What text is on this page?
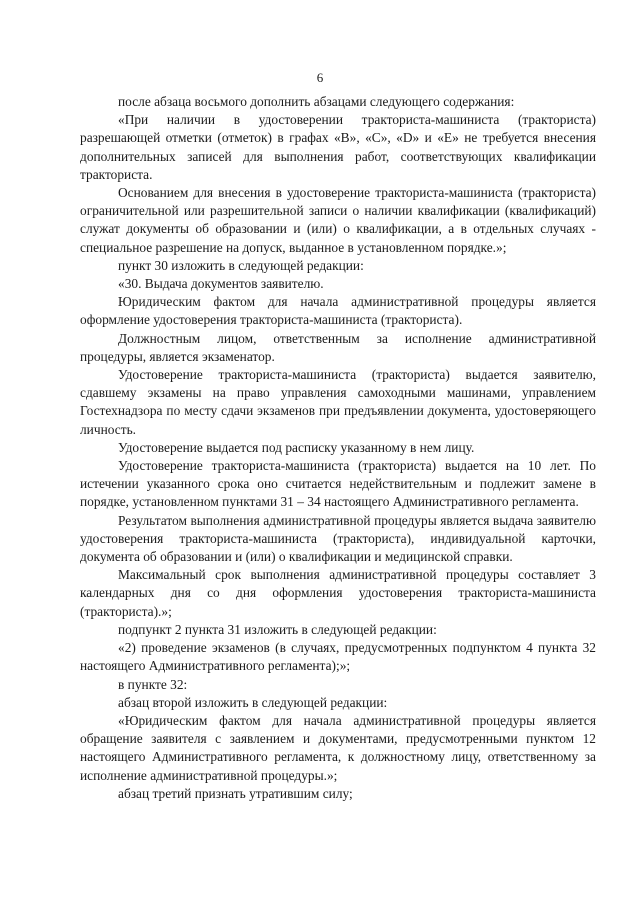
6

после абзаца восьмого дополнить абзацами следующего содержания:

«При наличии в удостоверении тракториста-машиниста (тракториста) разрешающей отметки (отметок) в графах «В», «С», «D» и «Е» не требуется внесения дополнительных записей для выполнения работ, соответствующих квалификации тракториста.

Основанием для внесения в удостоверение тракториста-машиниста (тракториста) ограничительной или разрешительной записи о наличии квалификации (квалификаций) служат документы об образовании и (или) о квалификации, а в отдельных случаях - специальное разрешение на допуск, выданное в установленном порядке.»;

пункт 30 изложить в следующей редакции:

«30. Выдача документов заявителю.

Юридическим фактом для начала административной процедуры является оформление удостоверения тракториста-машиниста (тракториста).

Должностным лицом, ответственным за исполнение административной процедуры, является экзаменатор.

Удостоверение тракториста-машиниста (тракториста) выдается заявителю, сдавшему экзамены на право управления самоходными машинами, управлением Гостехнадзора по месту сдачи экзаменов при предъявлении документа, удостоверяющего личность.

Удостоверение выдается под расписку указанному в нем лицу.

Удостоверение тракториста-машиниста (тракториста) выдается на 10 лет. По истечении указанного срока оно считается недействительным и подлежит замене в порядке, установленном пунктами 31 – 34 настоящего Административного регламента.

Результатом выполнения административной процедуры является выдача заявителю удостоверения тракториста-машиниста (тракториста), индивидуальной карточки, документа об образовании и (или) о квалификации и медицинской справки.

Максимальный срок выполнения административной процедуры составляет 3 календарных дня со дня оформления удостоверения тракториста-машиниста (тракториста).»;

подпункт 2 пункта 31 изложить в следующей редакции:

«2) проведение экзаменов (в случаях, предусмотренных подпунктом 4 пункта 32 настоящего Административного регламента);»;

в пункте 32:

абзац второй изложить в следующей редакции:

«Юридическим фактом для начала административной процедуры является обращение заявителя с заявлением и документами, предусмотренными пунктом 12 настоящего Административного регламента, к должностному лицу, ответственному за исполнение административной процедуры.»;

абзац третий признать утратившим силу;
